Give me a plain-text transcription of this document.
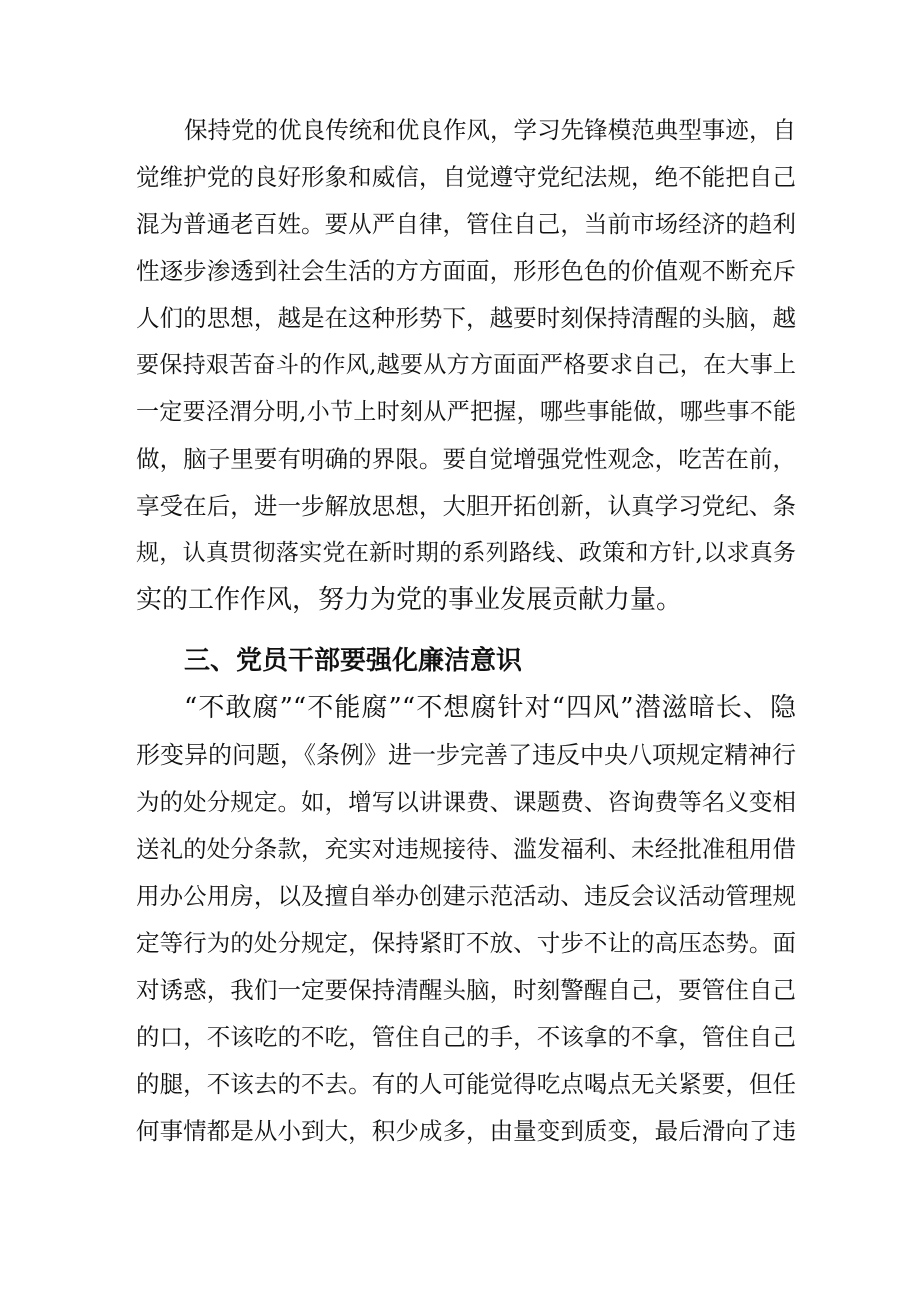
保持党的优良传统和优良作风，学习先锋模范典型事迹，自
觉维护党的良好形象和威信，自觉遵守党纪法规，绝不能把自己
混为普通老百姓。要从严自律，管住自己，当前市场经济的趋利
性逐步渗透到社会生活的方方面面，形形色色的价值观不断充斥
人们的思想，越是在这种形势下，越要时刻保持清醒的头脑，越
要保持艰苦奋斗的作风,越要从方方面面严格要求自己，在大事上
一定要泾渭分明,小节上时刻从严把握，哪些事能做，哪些事不能
做，脑子里要有明确的界限。要自觉增强党性观念，吃苦在前，
享受在后，进一步解放思想，大胆开拓创新，认真学习党纪、条
规，认真贯彻落实党在新时期的系列路线、政策和方针,以求真务
实的工作作风，努力为党的事业发展贡献力量。
三、党员干部要强化廉洁意识
“不敢腐”“不能腐”“不想腐针对“四风”潜滋暗长、隐
形变异的问题，《条例》进一步完善了违反中央八项规定精神行
为的处分规定。如，增写以讲课费、课题费、咨询费等名义变相
送礼的处分条款，充实对违规接待、滥发福利、未经批准租用借
用办公用房，以及擅自举办创建示范活动、违反会议活动管理规
定等行为的处分规定，保持紧盯不放、寸步不让的高压态势。面
对诱惑，我们一定要保持清醒头脑，时刻警醒自己，要管住自己
的口，不该吃的不吃，管住自己的手，不该拿的不拿，管住自己
的腿，不该去的不去。有的人可能觉得吃点喝点无关紧要，但任
何事情都是从小到大，积少成多，由量变到质变，最后滑向了违
